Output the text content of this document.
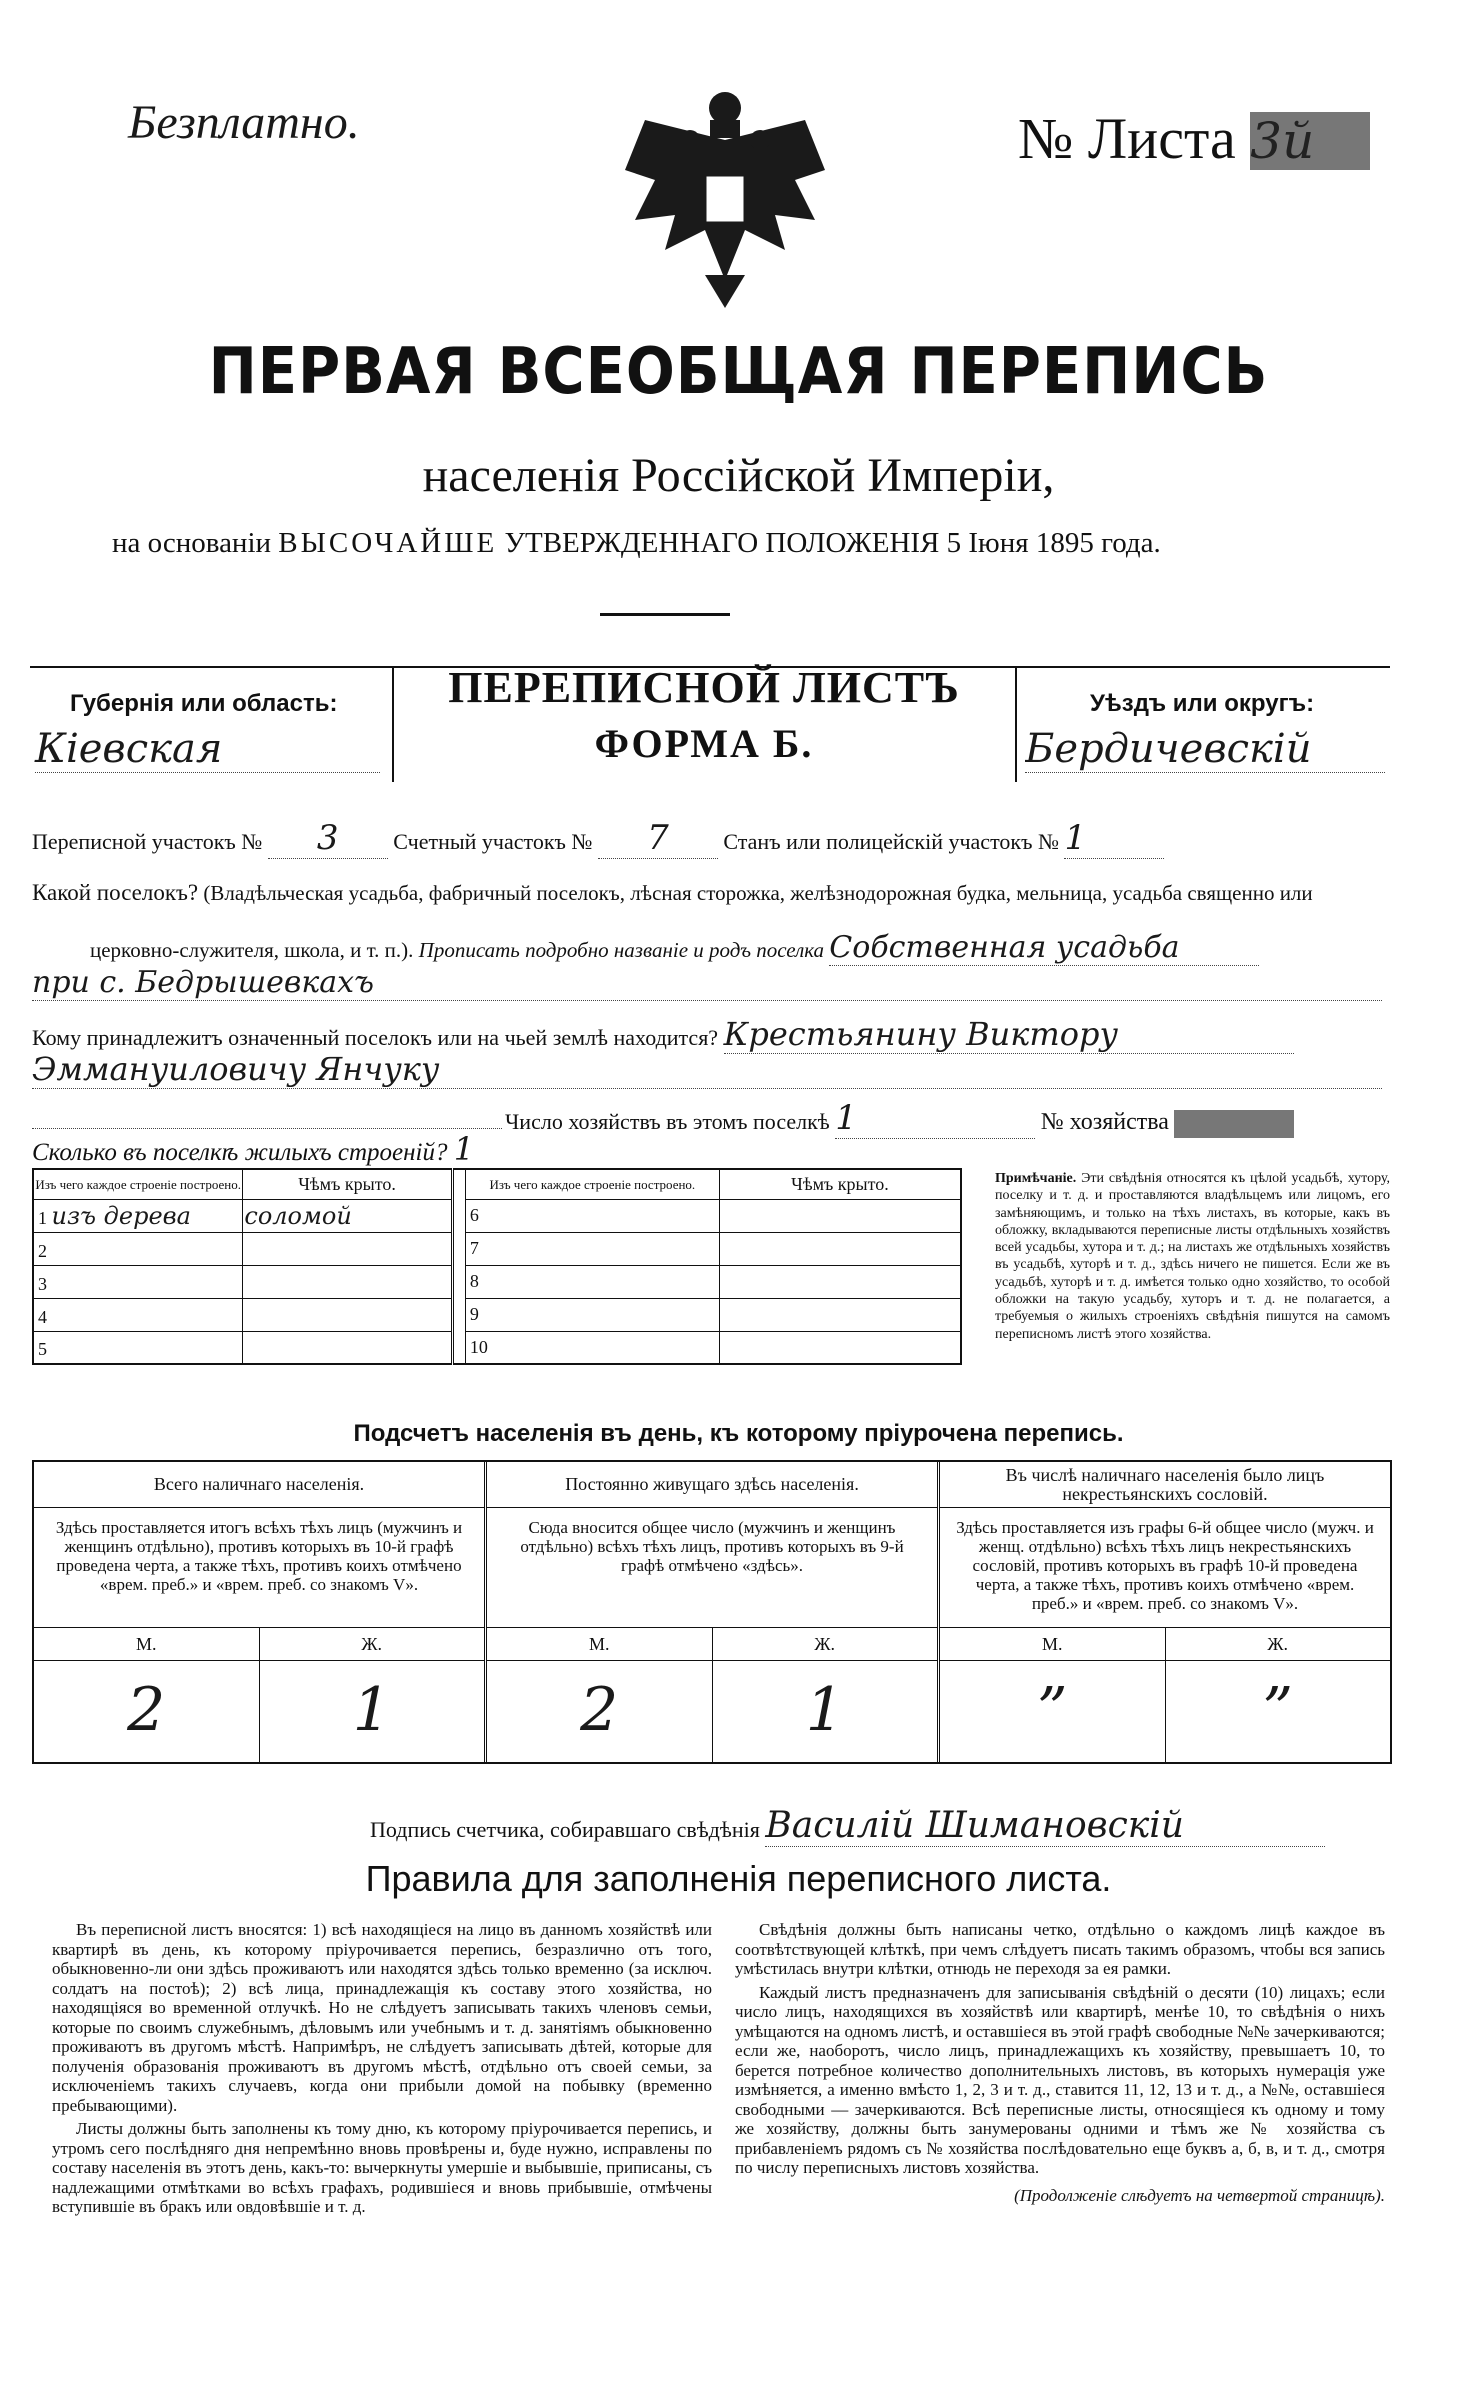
Безплатно.	№ Листа 3й
ПЕРВАЯ ВСЕОБЩАЯ ПЕРЕПИСЬ
населенія Россійской Имперіи,
на основаніи ВЫСОЧАЙШЕ УТВЕРЖДЕННАГО ПОЛОЖЕНІЯ 5 Іюня 1895 года.
Губернія или область:
Кіевская
ПЕРЕПИСНОЙ ЛИСТЪ
ФОРМА Б.
Уѣздъ или округъ:
Бердичевскій
Переписной участокъ № 3 Счетный участокъ № 7 Станъ или полицейскій участокъ № 1
Какой поселокъ? (Владѣльческая усадьба, фабричный поселокъ, лѣсная сторожка, желѣзнодорожная будка, мельница, усадьба священно или
церковно-служителя, школа, и т. п.). Прописать подробно названіе и родъ поселка Собственная усадьба
при с. Бедрышевкахъ
Кому принадлежитъ означенный поселокъ или на чьей землѣ находится? Крестьянину Виктору
Эммануиловичу Янчуку
Число хозяйствъ въ этомъ поселкѣ 1	№ хозяйства
Сколько въ поселкѣ жилыхъ строеній? 1
Изъ чего каждое строеніе построено.	Чѣмъ крыто.		Изъ чего каждое строеніе построено.	Чѣмъ крыто.
1 изъ дерева	соломой		6	
2			7	
3			8	
4			9	
5			10	
Примѣчаніе. Эти свѣдѣнія относятся къ цѣлой усадьбѣ, хутору, поселку и т. д. и проставляются владѣльцемъ или лицомъ, его замѣняющимъ, и только на тѣхъ листахъ, въ которые, какъ въ обложку, вкладываются переписные листы отдѣльныхъ хозяйствъ всей усадьбы, хутора и т. д.; на листахъ же отдѣльныхъ хозяйствъ въ усадьбѣ, хуторѣ и т. д., здѣсь ничего не пишется. Если же въ усадьбѣ, хуторѣ и т. д. имѣется только одно хозяйство, то особой обложки на такую усадьбу, хуторъ и т. д. не полагается, а требуемыя о жилыхъ строеніяхъ свѣдѣнія пишутся на самомъ переписномъ листѣ этого хозяйства.
Подсчетъ населенія въ день, къ которому пріурочена перепись.
Всего наличнаго населенія.
Здѣсь проставляется итогъ всѣхъ тѣхъ лицъ (мужчинъ и женщинъ отдѣльно), противъ которыхъ въ 10-й графѣ проведена черта, а также тѣхъ, противъ коихъ отмѣчено «врем. преб.» и «врем. преб. со знакомъ V».
М.	Ж.
2	1
Постоянно живущаго здѣсь населенія.
Сюда вносится общее число (мужчинъ и женщинъ отдѣльно) всѣхъ тѣхъ лицъ, противъ которыхъ въ 9-й графѣ отмѣчено «здѣсь».
М.	Ж.
2	1
Въ числѣ наличнаго населенія было лицъ некрестьянскихъ сословій.
Здѣсь проставляется изъ графы 6-й общее число (мужч. и женщ. отдѣльно) всѣхъ тѣхъ лицъ некрестьянскихъ сословій, противъ которыхъ въ графѣ 10-й проведена черта, а также тѣхъ, противъ коихъ отмѣчено «врем. преб.» и «врем. преб. со знакомъ V».
М.	Ж.
”	”
Подпись счетчика, собиравшаго свѣдѣнія Василій Шимановскій
Правила для заполненія переписного листа.

Въ переписной листъ вносятся: 1) всѣ находящіеся на лицо въ данномъ хозяйствѣ или квартирѣ въ день, къ которому пріурочивается перепись, безразлично отъ того, обыкновенно-ли они здѣсь проживаютъ или находятся здѣсь только временно (за исключ. солдатъ на постоѣ); 2) всѣ лица, принадлежащія къ составу этого хозяйства, но находящіяся во временной отлучкѣ. Но не слѣдуетъ записывать такихъ членовъ семьи, которые по своимъ служебнымъ, дѣловымъ или учебнымъ и т. д. занятіямъ обыкновенно проживаютъ въ другомъ мѣстѣ. Напримѣръ, не слѣдуетъ записывать дѣтей, которые для полученія образованія проживаютъ въ другомъ мѣстѣ, отдѣльно отъ своей семьи, за исключеніемъ такихъ случаевъ, когда они прибыли домой на побывку (временно пребывающими).

Листы должны быть заполнены къ тому дню, къ которому пріурочивается перепись, и утромъ сего послѣдняго дня непремѣнно вновь провѣрены и, буде нужно, исправлены по составу населенія въ этотъ день, какъ-то: вычеркнуты умершіе и выбывшіе, приписаны, съ надлежащими отмѣтками во всѣхъ графахъ, родившіеся и вновь прибывшіе, отмѣчены вступившіе въ бракъ или овдовѣвшіе и т. д.

Свѣдѣнія должны быть написаны четко, отдѣльно о каждомъ лицѣ каждое въ соотвѣтствующей клѣткѣ, при чемъ слѣдуетъ писать такимъ образомъ, чтобы вся запись умѣстилась внутри клѣтки, отнюдь не переходя за ея рамки.

Каждый листъ предназначенъ для записыванія свѣдѣній о десяти (10) лицахъ; если число лицъ, находящихся въ хозяйствѣ или квартирѣ, менѣе 10, то свѣдѣнія о нихъ умѣщаются на одномъ листѣ, и оставшіеся въ этой графѣ свободные №№ зачеркиваются; если же, наоборотъ, число лицъ, принадлежащихъ къ хозяйству, превышаетъ 10, то берется потребное количество дополнительныхъ листовъ, въ которыхъ нумерація уже измѣняется, а именно вмѣсто 1, 2, 3 и т. д., ставится 11, 12, 13 и т. д., а №№, оставшіеся свободными — зачеркиваются. Всѣ переписные листы, относящіеся къ одному и тому же хозяйству, должны быть занумерованы одними и тѣмъ же № хозяйства съ прибавленіемъ рядомъ съ № хозяйства послѣдовательно еще буквъ а, б, в, и т. д., смотря по числу переписныхъ листовъ хозяйства.

(Продолженіе слѣдуетъ на четвертой страницѣ).
